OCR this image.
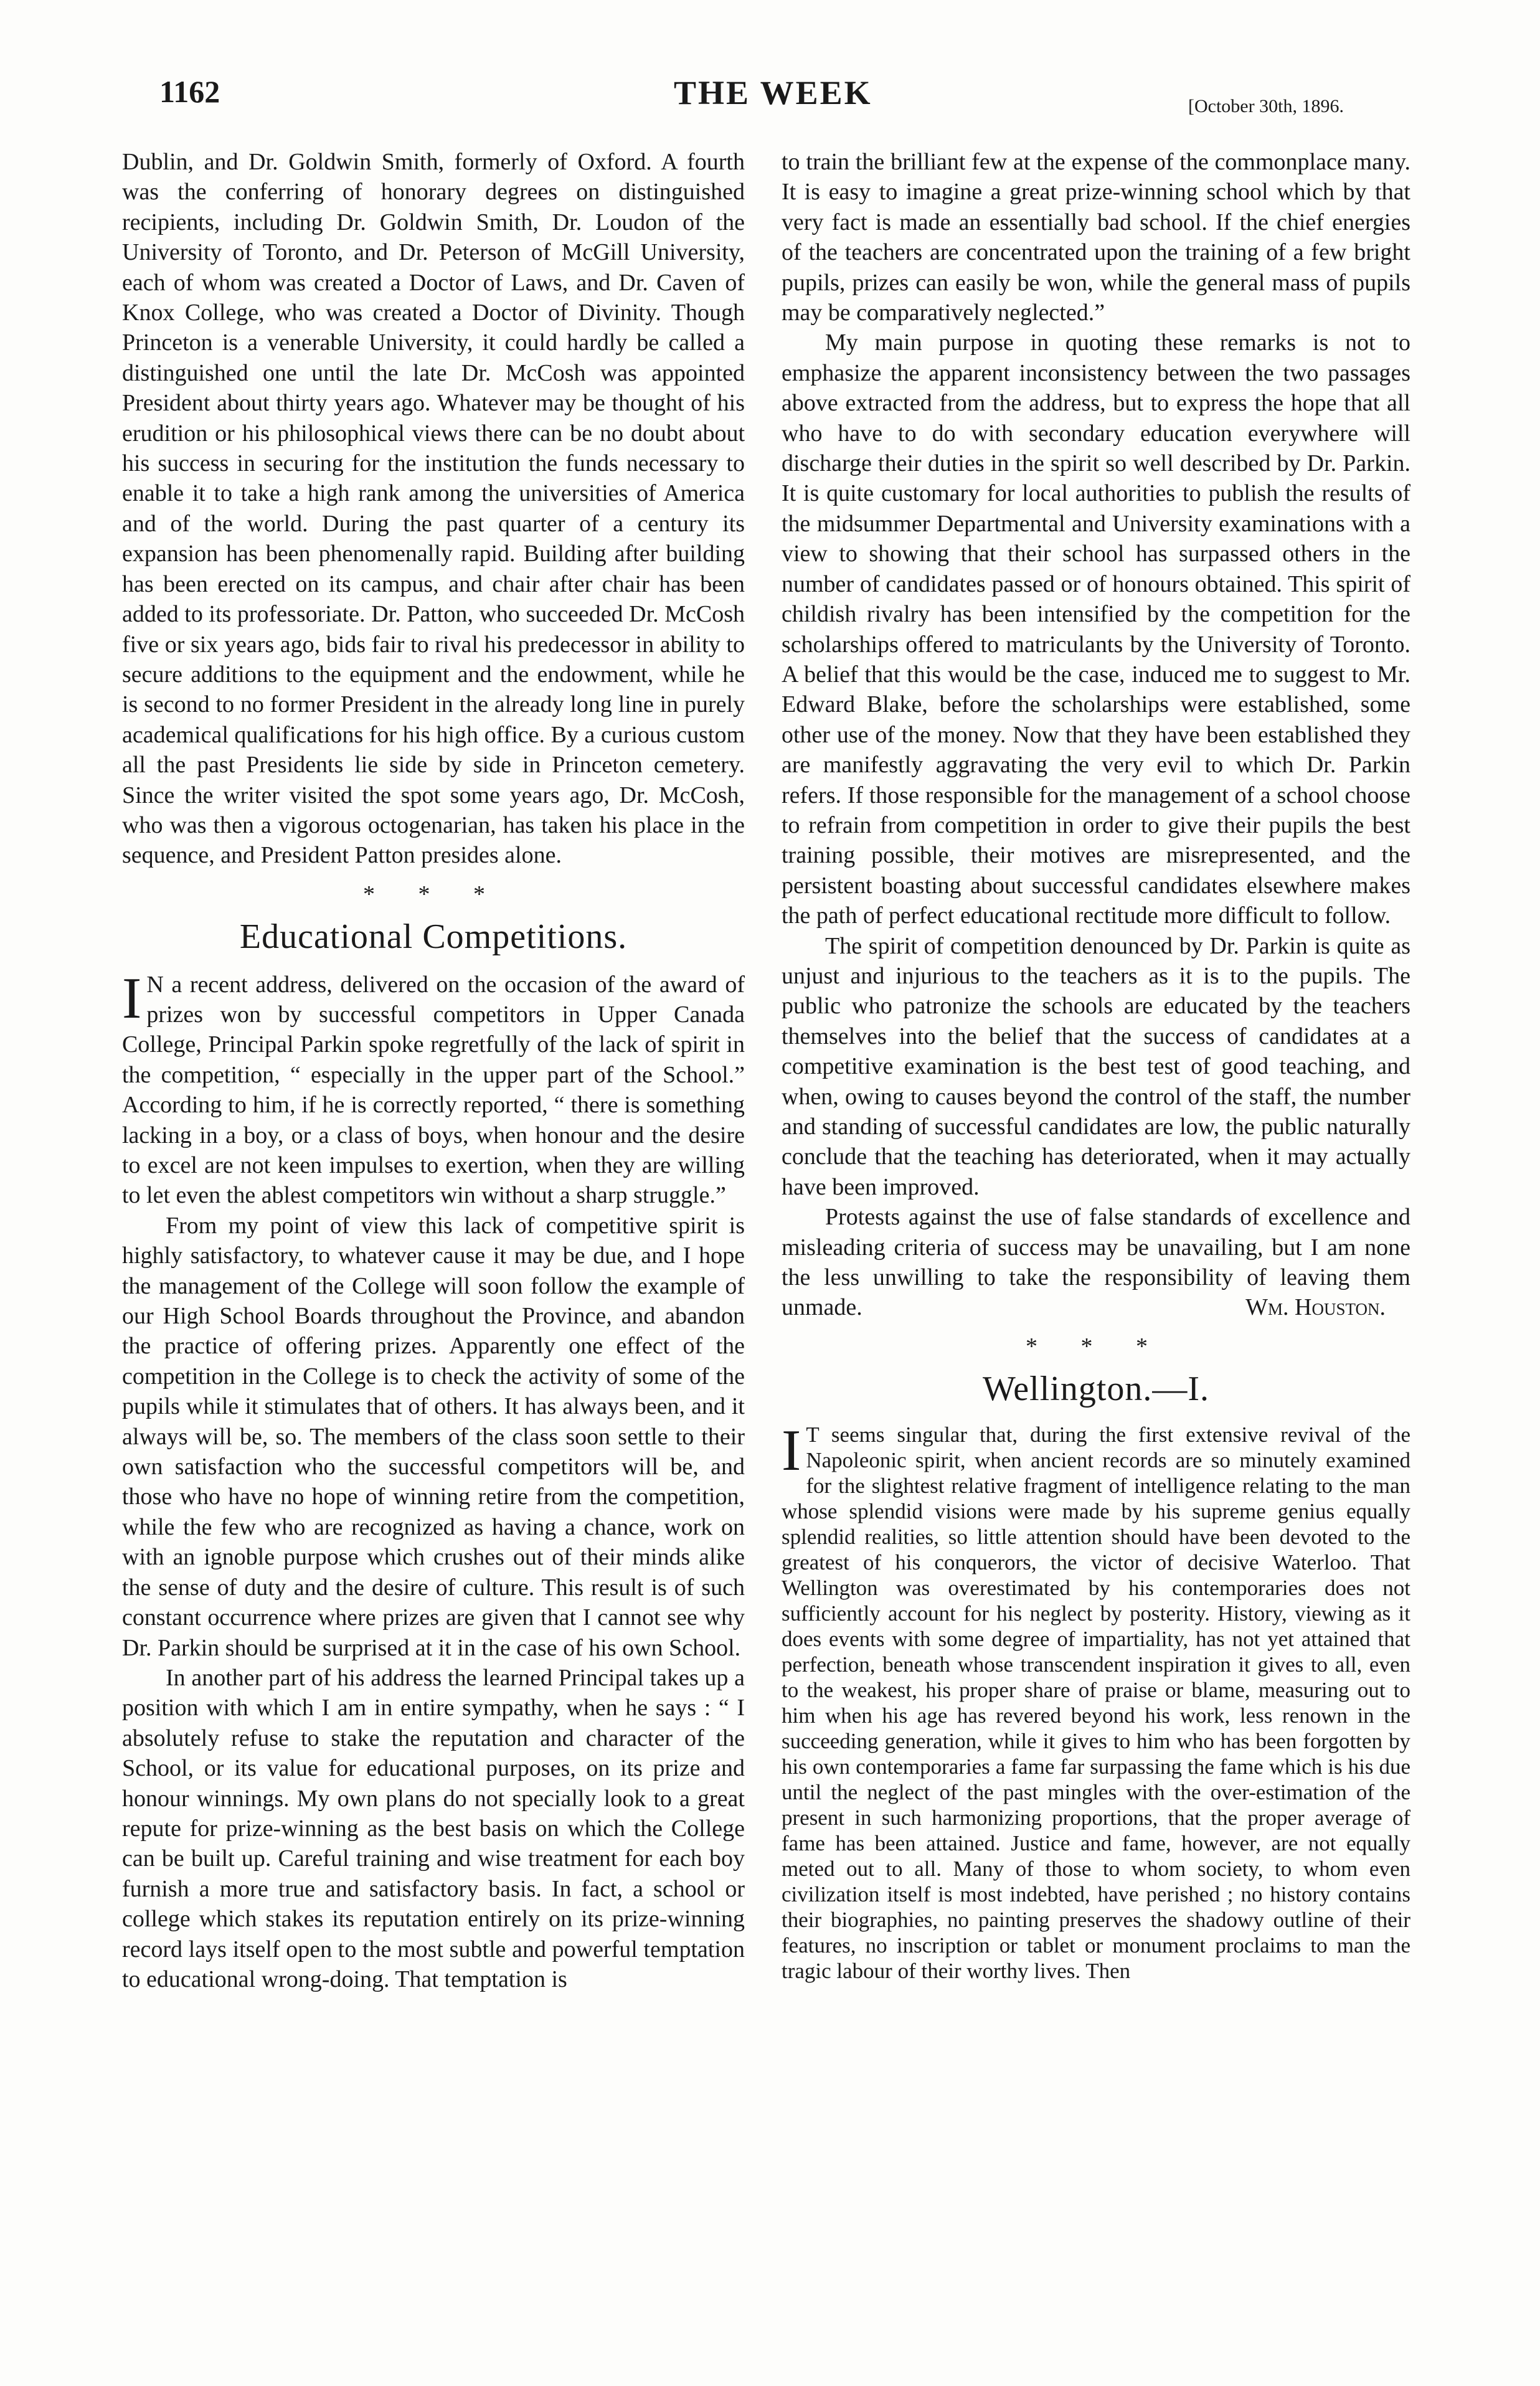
1162	THE WEEK	[October 30th, 1896.

Dublin, and Dr. Goldwin Smith, formerly of Oxford. A fourth was the conferring of honorary degrees on distinguished recipients, including Dr. Goldwin Smith, Dr. Loudon of the University of Toronto, and Dr. Peterson of McGill University, each of whom was created a Doctor of Laws, and Dr. Caven of Knox College, who was created a Doctor of Divinity. Though Princeton is a venerable University, it could hardly be called a distinguished one until the late Dr. McCosh was appointed President about thirty years ago. Whatever may be thought of his erudition or his philosophical views there can be no doubt about his success in securing for the institution the funds necessary to enable it to take a high rank among the universities of America and of the world. During the past quarter of a century its expansion has been phenomenally rapid. Building after building has been erected on its campus, and chair after chair has been added to its professoriate. Dr. Patton, who succeeded Dr. McCosh five or six years ago, bids fair to rival his predecessor in ability to secure additions to the equipment and the endowment, while he is second to no former President in the already long line in purely academical qualifications for his high office. By a curious custom all the past Presidents lie side by side in Princeton cemetery. Since the writer visited the spot some years ago, Dr. McCosh, who was then a vigorous octogenarian, has taken his place in the sequence, and President Patton presides alone.

* * *
Educational Competitions.

I N a recent address, delivered on the occasion of the award of prizes won by successful competitors in Upper Canada College, Principal Parkin spoke regretfully of the lack of spirit in the competition, “ especially in the upper part of the School.” According to him, if he is correctly reported, “ there is something lacking in a boy, or a class of boys, when honour and the desire to excel are not keen impulses to exertion, when they are willing to let even the ablest competitors win without a sharp struggle.”

From my point of view this lack of competitive spirit is highly satisfactory, to whatever cause it may be due, and I hope the management of the College will soon follow the example of our High School Boards throughout the Province, and abandon the practice of offering prizes. Apparently one effect of the competition in the College is to check the activity of some of the pupils while it stimulates that of others. It has always been, and it always will be, so. The members of the class soon settle to their own satisfaction who the successful competitors will be, and those who have no hope of winning retire from the competition, while the few who are recognized as having a chance, work on with an ignoble purpose which crushes out of their minds alike the sense of duty and the desire of culture. This result is of such constant occurrence where prizes are given that I cannot see why Dr. Parkin should be surprised at it in the case of his own School.

In another part of his address the learned Principal takes up a position with which I am in entire sympathy, when he says : “ I absolutely refuse to stake the reputation and character of the School, or its value for educational purposes, on its prize and honour winnings. My own plans do not specially look to a great repute for prize-winning as the best basis on which the College can be built up. Careful training and wise treatment for each boy furnish a more true and satisfactory basis. In fact, a school or college which stakes its reputation entirely on its prize-winning record lays itself open to the most subtle and powerful temptation to educational wrong-doing. That temptation is

to train the brilliant few at the expense of the commonplace many. It is easy to imagine a great prize-winning school which by that very fact is made an essentially bad school. If the chief energies of the teachers are concentrated upon the training of a few bright pupils, prizes can easily be won, while the general mass of pupils may be comparatively neglected.”

My main purpose in quoting these remarks is not to emphasize the apparent inconsistency between the two passages above extracted from the address, but to express the hope that all who have to do with secondary education everywhere will discharge their duties in the spirit so well described by Dr. Parkin. It is quite customary for local authorities to publish the results of the midsummer Departmental and University examinations with a view to showing that their school has surpassed others in the number of candidates passed or of honours obtained. This spirit of childish rivalry has been intensified by the competition for the scholarships offered to matriculants by the University of Toronto. A belief that this would be the case, induced me to suggest to Mr. Edward Blake, before the scholarships were established, some other use of the money. Now that they have been established they are manifestly aggravating the very evil to which Dr. Parkin refers. If those responsible for the management of a school choose to refrain from competition in order to give their pupils the best training possible, their motives are misrepresented, and the persistent boasting about successful candidates elsewhere makes the path of perfect educational rectitude more difficult to follow.

The spirit of competition denounced by Dr. Parkin is quite as unjust and injurious to the teachers as it is to the pupils. The public who patronize the schools are educated by the teachers themselves into the belief that the success of candidates at a competitive examination is the best test of good teaching, and when, owing to causes beyond the control of the staff, the number and standing of successful candidates are low, the public naturally conclude that the teaching has deteriorated, when it may actually have been improved.

Protests against the use of false standards of excellence and misleading criteria of success may be unavailing, but I am none the less unwilling to take the responsibility of leaving them unmade.	Wm. Houston.

* * *
Wellington.—I.

I T seems singular that, during the first extensive revival of the Napoleonic spirit, when ancient records are so minutely examined for the slightest relative fragment of intelligence relating to the man whose splendid visions were made by his supreme genius equally splendid realities, so little attention should have been devoted to the greatest of his conquerors, the victor of decisive Waterloo. That Wellington was overestimated by his contemporaries does not sufficiently account for his neglect by posterity. History, viewing as it does events with some degree of impartiality, has not yet attained that perfection, beneath whose transcendent inspiration it gives to all, even to the weakest, his proper share of praise or blame, measuring out to him when his age has revered beyond his work, less renown in the succeeding generation, while it gives to him who has been forgotten by his own contemporaries a fame far surpassing the fame which is his due until the neglect of the past mingles with the over-estimation of the present in such harmonizing proportions, that the proper average of fame has been attained. Justice and fame, however, are not equally meted out to all. Many of those to whom society, to whom even civilization itself is most indebted, have perished ; no history contains their biographies, no painting preserves the shadowy outline of their features, no inscription or tablet or monument proclaims to man the tragic labour of their worthy lives. Then
